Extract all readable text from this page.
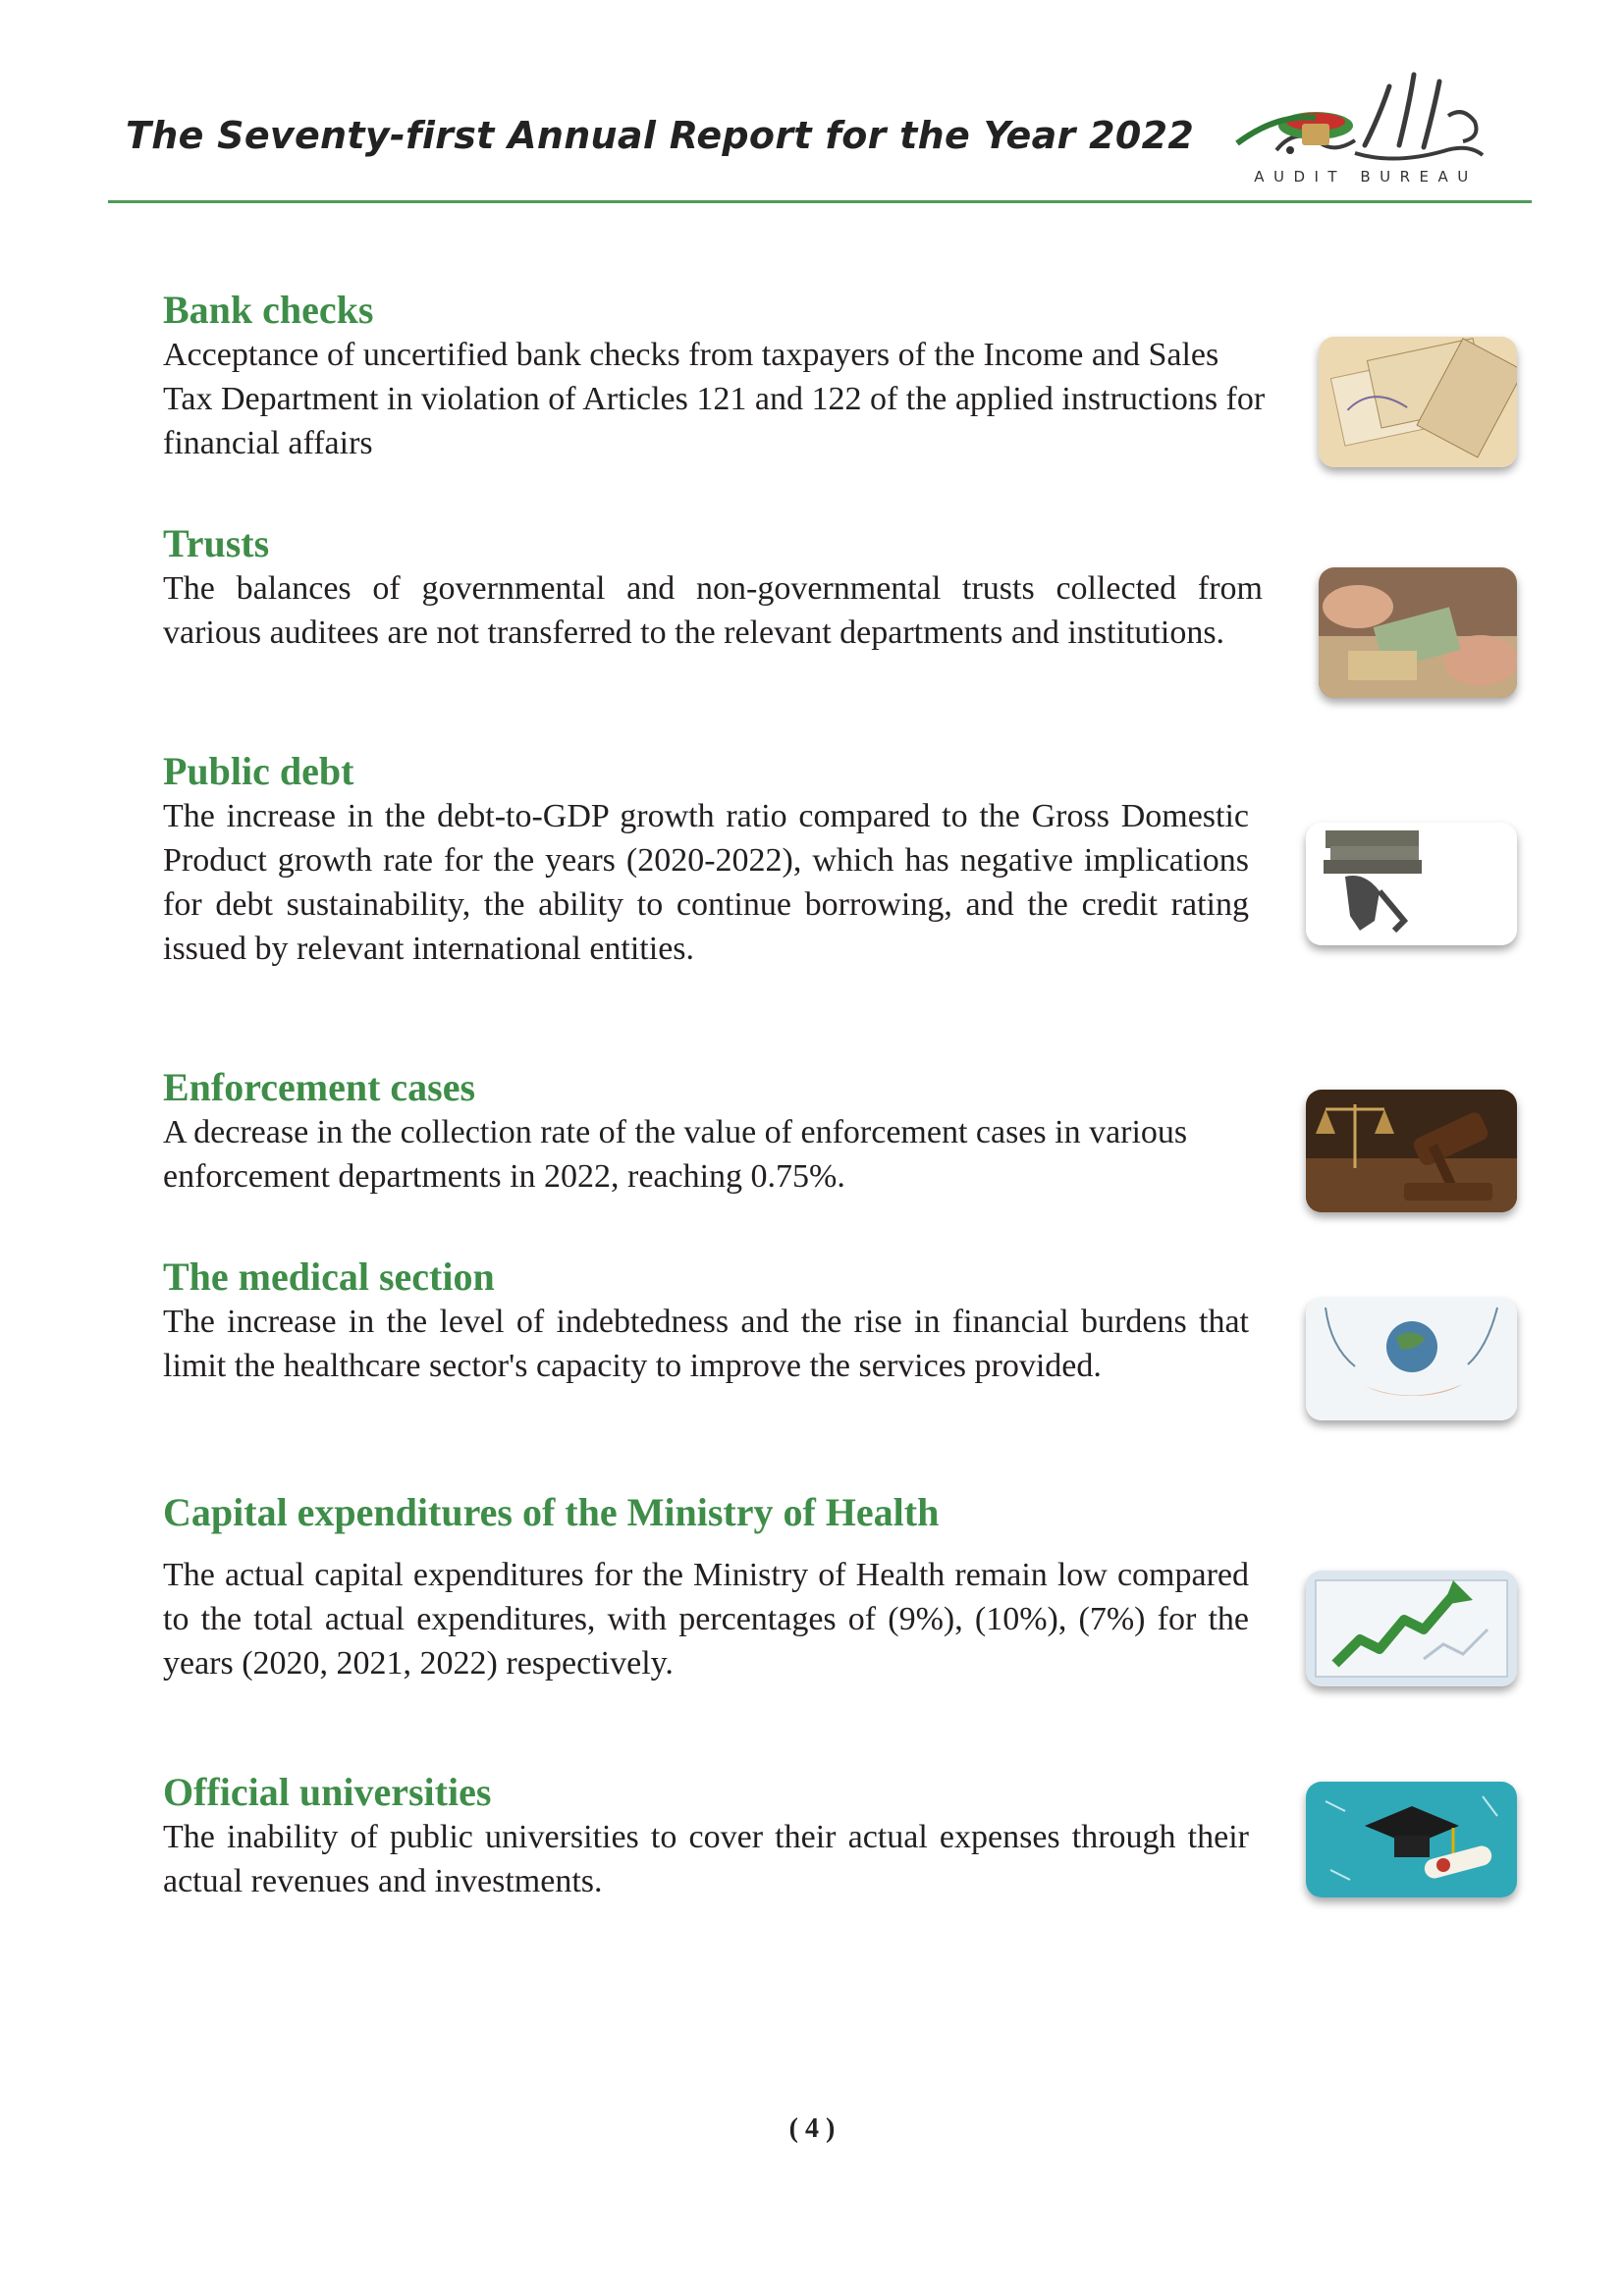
The Seventy-first Annual Report for the Year 2022
AUDIT BUREAU
Bank checks

Acceptance of uncertified bank checks from taxpayers of the Income and Sales Tax Department in violation of Articles 121 and 122 of the applied instructions for financial affairs

Trusts

The balances of governmental and non-governmental trusts collected from various auditees are not transferred to the relevant departments and institutions.

Public debt

The increase in the debt-to-GDP growth ratio compared to the Gross Domestic Product growth rate for the years (2020-2022), which has negative implications for debt sustainability, the ability to continue borrowing, and the credit rating issued by relevant international entities.

Enforcement cases

A decrease in the collection rate of the value of enforcement cases in various enforcement departments in 2022, reaching 0.75%.

The medical section

The increase in the level of indebtedness and the rise in financial burdens that limit the healthcare sector's capacity to improve the services provided.

Capital expenditures of the Ministry of Health

The actual capital expenditures for the Ministry of Health remain low compared to the total actual expenditures, with percentages of (9%), (10%), (7%) for the years (2020, 2021, 2022) respectively.

Official universities

The inability of public universities to cover their actual expenses through their actual revenues and investments.

( 4 )
